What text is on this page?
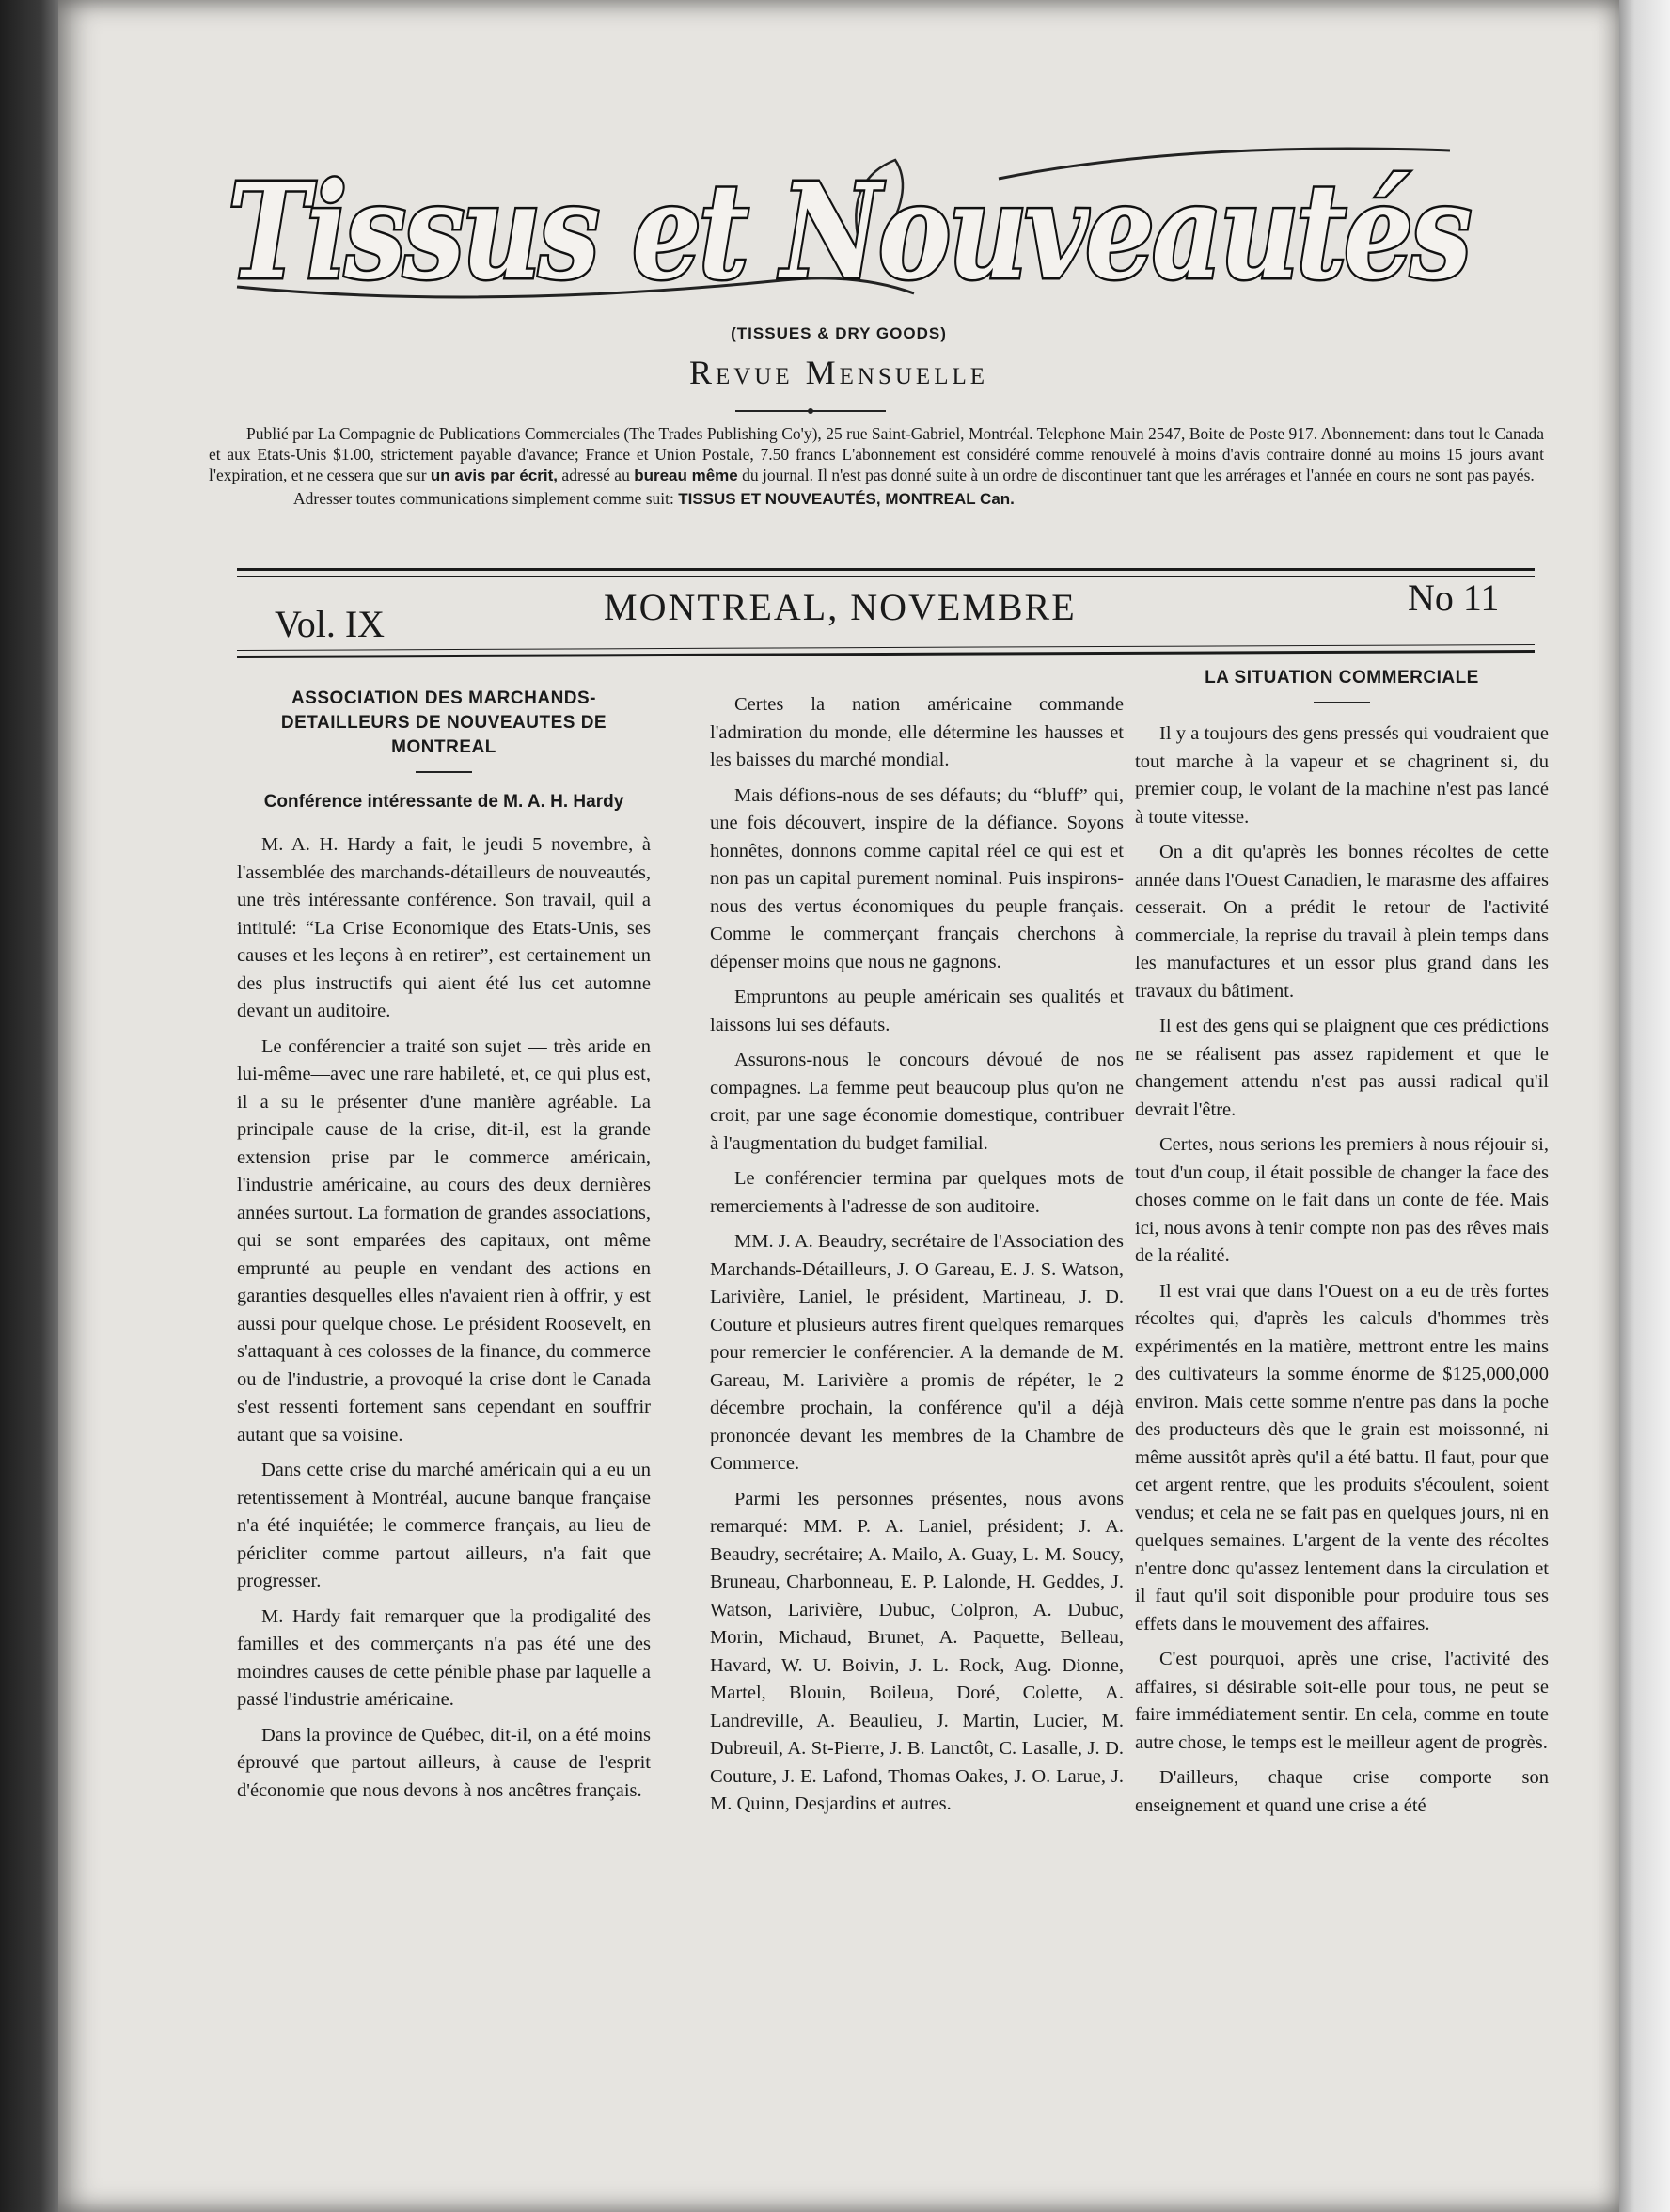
Tissus et Nouveautés
(TISSUES & DRY GOODS)
Revue Mensuelle

Publié par La Compagnie de Publications Commerciales (The Trades Publishing Co'y), 25 rue Saint-Gabriel, Montréal. Telephone Main 2547, Boite de Poste 917. Abonnement: dans tout le Canada et aux Etats-Unis $1.00, strictement payable d'avance; France et Union Postale, 7.50 francs L'abonnement est considéré comme renouvelé à moins d'avis contraire donné au moins 15 jours avant l'expiration, et ne cessera que sur un avis par écrit, adressé au bureau même du journal. Il n'est pas donné suite à un ordre de discontinuer tant que les arrérages et l'année en cours ne sont pas payés.

Adresser toutes communications simplement comme suit: TISSUS ET NOUVEAUTÉS, MONTREAL Can.

Vol. IX	MONTREAL, NOVEMBRE	No 11
ASSOCIATION DES MARCHANDS-DETAILLEURS DE NOUVEAUTES DE MONTREAL
Conférence intéressante de M. A. H. Hardy

M. A. H. Hardy a fait, le jeudi 5 novembre, à l'assemblée des marchands-détailleurs de nouveautés, une très intéressante conférence. Son travail, quil a intitulé: “La Crise Economique des Etats-Unis, ses causes et les leçons à en retirer”, est certainement un des plus instructifs qui aient été lus cet automne devant un auditoire.

Le conférencier a traité son sujet — très aride en lui-même—avec une rare habileté, et, ce qui plus est, il a su le présenter d'une manière agréable. La principale cause de la crise, dit-il, est la grande extension prise par le commerce américain, l'industrie américaine, au cours des deux dernières années surtout. La formation de grandes associations, qui se sont emparées des capitaux, ont même emprunté au peuple en vendant des actions en garanties desquelles elles n'avaient rien à offrir, y est aussi pour quelque chose. Le président Roosevelt, en s'attaquant à ces colosses de la finance, du commerce ou de l'industrie, a provoqué la crise dont le Canada s'est ressenti fortement sans cependant en souffrir autant que sa voisine.

Dans cette crise du marché américain qui a eu un retentissement à Montréal, aucune banque française n'a été inquiétée; le commerce français, au lieu de péricliter comme partout ailleurs, n'a fait que progresser.

M. Hardy fait remarquer que la prodigalité des familles et des commerçants n'a pas été une des moindres causes de cette pénible phase par laquelle a passé l'industrie américaine.

Dans la province de Québec, dit-il, on a été moins éprouvé que partout ailleurs, à cause de l'esprit d'économie que nous devons à nos ancêtres français.

Certes la nation américaine commande l'admiration du monde, elle détermine les hausses et les baisses du marché mondial.

Mais défions-nous de ses défauts; du “bluff” qui, une fois découvert, inspire de la défiance. Soyons honnêtes, donnons comme capital réel ce qui est et non pas un capital purement nominal. Puis inspirons-nous des vertus économiques du peuple français. Comme le commerçant français cherchons à dépenser moins que nous ne gagnons.

Empruntons au peuple américain ses qualités et laissons lui ses défauts.

Assurons-nous le concours dévoué de nos compagnes. La femme peut beaucoup plus qu'on ne croit, par une sage économie domestique, contribuer à l'augmentation du budget familial.

Le conférencier termina par quelques mots de remerciements à l'adresse de son auditoire.

MM. J. A. Beaudry, secrétaire de l'Association des Marchands-Détailleurs, J. O Gareau, E. J. S. Watson, Larivière, Laniel, le président, Martineau, J. D. Couture et plusieurs autres firent quelques remarques pour remercier le conférencier. A la demande de M. Gareau, M. Larivière a promis de répéter, le 2 décembre prochain, la conférence qu'il a déjà prononcée devant les membres de la Chambre de Commerce.

Parmi les personnes présentes, nous avons remarqué: MM. P. A. Laniel, président; J. A. Beaudry, secrétaire; A. Mailo, A. Guay, L. M. Soucy, Bruneau, Charbonneau, E. P. Lalonde, H. Geddes, J. Watson, Larivière, Dubuc, Colpron, A. Dubuc, Morin, Michaud, Brunet, A. Paquette, Belleau, Havard, W. U. Boivin, J. L. Rock, Aug. Dionne, Martel, Blouin, Boileua, Doré, Colette, A. Landreville, A. Beaulieu, J. Martin, Lucier, M. Dubreuil, A. St-Pierre, J. B. Lanctôt, C. Lasalle, J. D. Couture, J. E. Lafond, Thomas Oakes, J. O. Larue, J. M. Quinn, Desjardins et autres.

LA SITUATION COMMERCIALE

Il y a toujours des gens pressés qui voudraient que tout marche à la vapeur et se chagrinent si, du premier coup, le volant de la machine n'est pas lancé à toute vitesse.

On a dit qu'après les bonnes récoltes de cette année dans l'Ouest Canadien, le marasme des affaires cesserait. On a prédit le retour de l'activité commerciale, la reprise du travail à plein temps dans les manufactures et un essor plus grand dans les travaux du bâtiment.

Il est des gens qui se plaignent que ces prédictions ne se réalisent pas assez rapidement et que le changement attendu n'est pas aussi radical qu'il devrait l'être.

Certes, nous serions les premiers à nous réjouir si, tout d'un coup, il était possible de changer la face des choses comme on le fait dans un conte de fée. Mais ici, nous avons à tenir compte non pas des rêves mais de la réalité.

Il est vrai que dans l'Ouest on a eu de très fortes récoltes qui, d'après les calculs d'hommes très expérimentés en la matière, mettront entre les mains des cultivateurs la somme énorme de $125,000,000 environ. Mais cette somme n'entre pas dans la poche des producteurs dès que le grain est moissonné, ni même aussitôt après qu'il a été battu. Il faut, pour que cet argent rentre, que les produits s'écoulent, soient vendus; et cela ne se fait pas en quelques jours, ni en quelques semaines. L'argent de la vente des récoltes n'entre donc qu'assez lentement dans la circulation et il faut qu'il soit disponible pour produire tous ses effets dans le mouvement des affaires.

C'est pourquoi, après une crise, l'activité des affaires, si désirable soit-elle pour tous, ne peut se faire immédiatement sentir. En cela, comme en toute autre chose, le temps est le meilleur agent de progrès.

D'ailleurs, chaque crise comporte son enseignement et quand une crise a été
